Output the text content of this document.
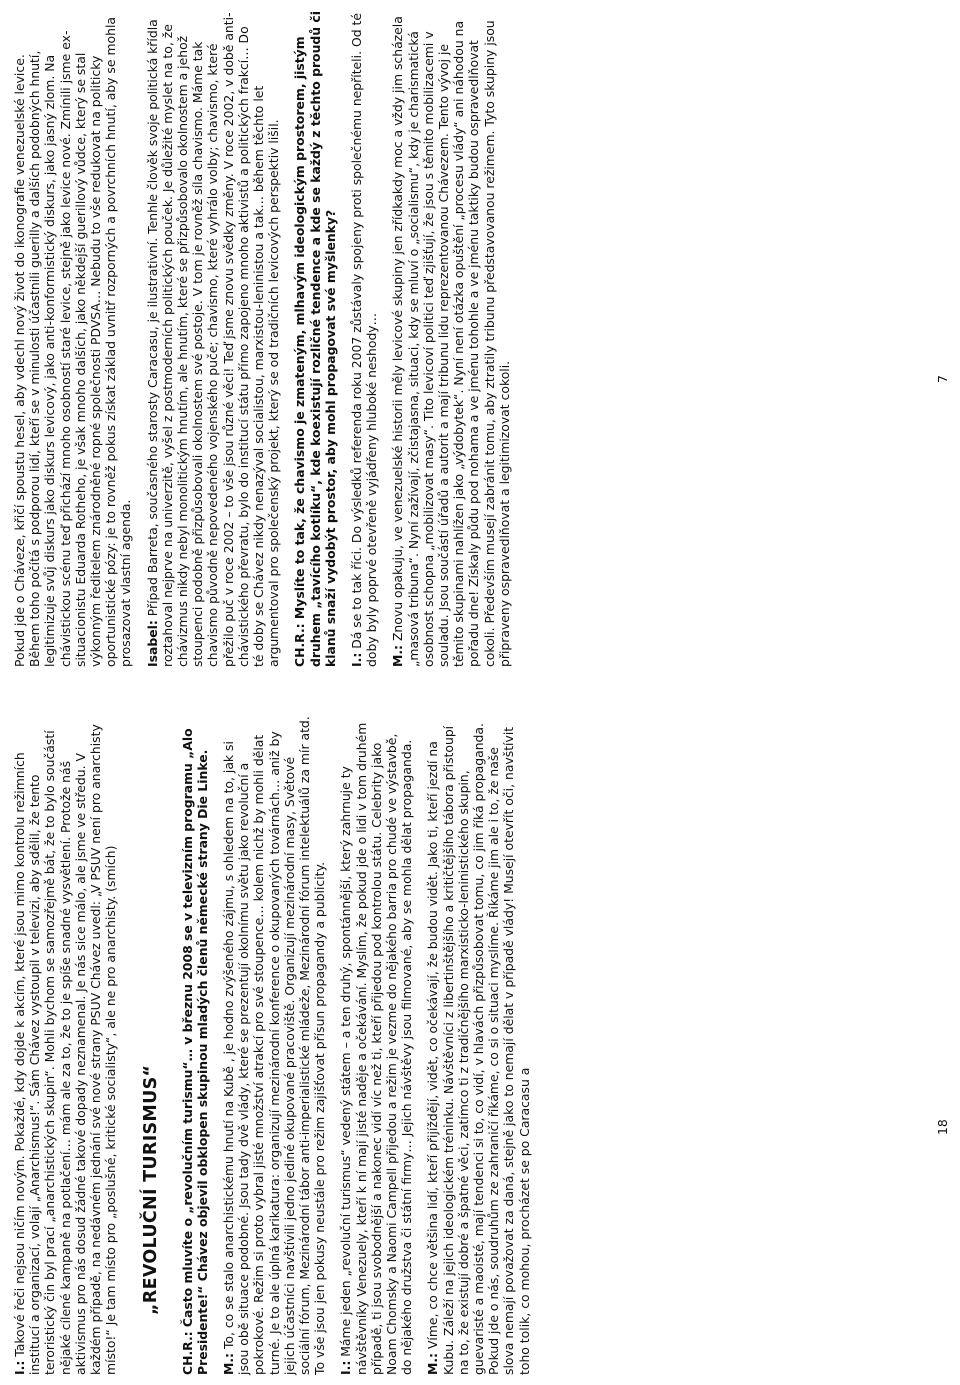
I.: Takové řeči nejsou ničím novým. Pokaždé, kdy dojde k akcím, které jsou mimo kontrolu režimních institucí a organizací, volají „Anarchismus!“. Sám Chávez vystoupil v televizi, aby sdělil, že tento teroristický čin byl prací „anarchistických skupin“. Mohli bychom se samozřejmě bát, že to bylo součástí nějaké cílené kampaně na potlačení… mám ale za to, že to je spíše snadné vysvětlení. Protože náš aktivismus pro nás dosud žádné takové dopady neznamenal. Je nás sice málo, ale jsme ve středu. V každém případě, na nedávném jednání své nové strany PSUV Chávez uvedl: „V PSUV není pro anarchisty místo!“ Je tam místo pro „poslušné, kritické socialisty“, ale ne pro anarchisty. (smích) „REVOLUČNÍ TURISMUS“ CH.R.: Často mluvíte o „revolučním turismu“… v březnu 2008 se v televizním programu „Alo Presidente!“ Chávez objevil obklopen skupinou mladých členů německé strany Die Linke. M.: To, co se stalo anarchistickému hnutí na Kubě , je hodno zvýšeného zájmu, s ohledem na to, jak si jsou obě situace podobné. Jsou tady dvě vlády, které se prezentují okolnímu světu jako revoluční a pokrokové. Režim si proto vybral jisté množství atrakcí pro své stoupence… kolem nichž by mohli dělat turné. Je to ale úplná karikatura: organizují mezinárodní konference o okupovaných továrnách… aniž by jejich účastníci navštívili jedno jediné okupované pracoviště. Organizují mezinárodní masy, Světové sociální fórum, Mezinárodní tábor anti-imperialistické mládeže, Mezinárodní fórum intelektuálů za mír atd. To vše jsou jen pokusy neustále pro režim zajišťovat přísun propagandy a publicity. I.: Máme jeden „revoluční turismus“ vedený státem – a ten druhý, spontánnější, který zahrnuje ty návštěvníky Venezuely, kteří k ní mají jisté naděje a očekávání. Myslím, že pokud jde o lidi v tom druhém případě, ti jsou svobodnější a nakonec vidí víc než ti, kteří přijedou pod kontrolou státu. Celebrity jako Noam Chomsky a Naomi Campell přijedou a režim je vezme do nějakého barria pro chudé ve výstavbě, do nějakého družstva či státní firmy… Jejich návštěvy jsou filmované, aby se mohla dělat propaganda. M.: Víme, co chce většina lidí, kteří přijíždějí, vidět, co očekávají, že budou vidět. Jako ti, kteří jezdí na Kubu. Záleží na jejich ideologickém tréninku. Návštěvníci z libertinštějšího a kritičtějšího tábora přistoupí na to, že existují dobré a špatné věci, zatímco ti z tradičnějšího marxisticko-leninistického skupin, guevaristé a maoisté, mají tendenci si to, co vidí, v hlavách přizpůsobovat tomu, co jim říká propaganda. Pokud jde o nás, soudruhům ze zahraničí říkáme, co si o situaci myslíme. Říkáme jim ale i to, že naše slova nemají považovat za daná, stejně jako to nemají dělat v případě vlády! Musejí otevřít oči, navštívit toho tolik, co mohou, procházet se po Caracasu a	18

Pokud jde o Cháveze, křičí spoustu hesel, aby vdechl nový život do ikonografie venezuelské levice. Během toho počítá s podporou lidí, kteří se v minulosti účastnili guerilly a dalších podobných hnutí, legitimizuje svůj diskurs jako diskurs levicový, jako anti-konformistický diskurs, jako jasný zlom. Na chávistickou scénu teď přichází mnoho osobností staré levice, stejně jako levice nové. Zmínili jsme ex-situacionistu Eduarda Rotheho, je však mnoho dalších, jako někdejší guerillový vůdce, který se stal výkonným ředitelem znárodněné ropné společnosti PDVSA… Nebudu to vše redukovat na politicky oportunistické pózy: je to rovněž pokus získat základ uvnitř rozporných a povrchních hnutí, aby se mohla prosazovat vlastní agenda. Isabel: Případ Barreta, současného starosty Caracasu, je ilustrativní. Tenhle člověk svoje politická křídla roztahoval nejprve na univerzitě, vyšel z postmoderních politických pouček. Je důležité myslet na to, že chávizmus nikdy nebyl monolitickým hnutím, ale hnutím, které se přizpůsobovalo okolnostem a jehož stoupenci podobně přizpůsobovali okolnostem své postoje. V tom je rovněž síla chavismo. Máme tak chavismo původně nepovedeného vojenského puče; chavismo, které vyhrálo volby; chavismo, které přežilo puč v roce 2002 – to vše jsou různé věci! Teď jsme znovu svědky změny. V roce 2002, v době anti-chávistického převratu, bylo do institucí státu přímo zapojeno mnoho aktivistů a politických frakcí… Do té doby se Chávez nikdy nenazýval socialistou, marxistou-leninistou a tak… během těchto let argumentoval pro společenský projekt, který se od tradičních levicových perspektiv lišil. CH.R.: Myslíte to tak, že chavismo je zmateným, mlhavým ideologickým prostorem, jistým druhem „tavícího kotlíku“, kde koexistují rozličné tendence a kde se každý z těchto proudů či klanů snaží vydobýt prostor, aby mohl propagovat své myšlenky? I.: Dá se to tak říci. Do výsledků referenda roku 2007 zůstávaly spojeny proti společnému nepříteli. Od té doby byly poprvé otevřeně vyjádřeny hluboké neshody… M.: Znovu opakuju, ve venezuelské historii měly levicové skupiny jen zřídkakdy moc a vždy jim scházela „masová tribuna“. Nyní zažívají, zčistajasna, situaci, kdy se mluví o „socialismu“, kdy je charismatická osobnost schopna „mobilizovat masy“. Tito levicoví politici teď zjišťují, že jsou s těmito mobilizacemi v souladu. Jsou součástí úřadů a autorit a mají tribunu lidu reprezentovanou Chávezem. Tento vývoj je těmito skupinami nahlížen jako „výdobytek“. Nyní není otázka opuštění „procesu vlády“ ani náhodou na pořadu dne! Získaly půdu pod nohama a ve jménu tohohle a ve jménu taktiky budou ospravedlňovat cokoli. Především musejí zabránit tomu, aby ztratily tribunu představovanou režimem. Tyto skupiny jsou připraveny ospravedlňovat a legitimizovat cokoli.	7
